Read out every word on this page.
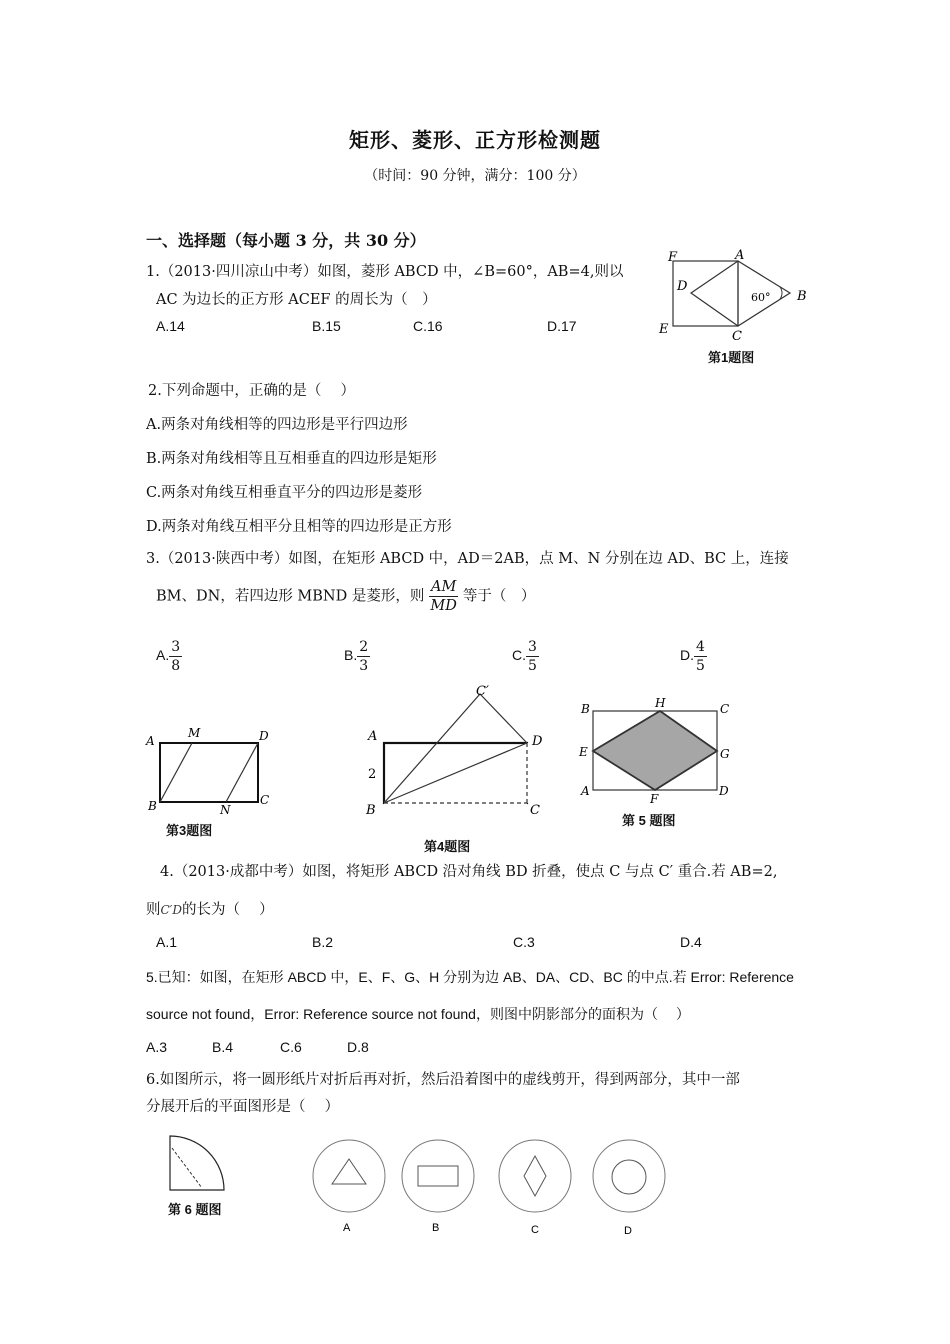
矩形、菱形、正方形检测题
（时间：90 分钟，满分：100 分）
一、选择题（每小题 3 分，共 30 分）
1.（2013·四川凉山中考）如图，菱形 ABCD 中，∠B=60°，AB=4,则以
AC 为边长的正方形 ACEF 的周长为（　）
A.14	B.15	C.16	D.17
F	A
D
B
E	C
60°
第1题图
2.下列命题中，正确的是（　 ）
A.两条对角线相等的四边形是平行四边形
B.两条对角线相等且互相垂直的四边形是矩形
C.两条对角线互相垂直平分的四边形是菱形
D.两条对角线互相平分且相等的四边形是正方形
3.（2013·陕西中考）如图，在矩形 ABCD 中，AD＝2AB，点 M、N 分别在边 AD、BC 上，连接
BM、DN，若四边形 MBND 是菱形，则 $\frac{AM}{MD}$ 等于（　）
A. $\frac{3}{8}$	B. $\frac{2}{3}$	C. $\frac{3}{5}$	D. $\frac{4}{5}$
A
M	D
B	N
C
第3题图
C′
A	D
2
B	C
第4题图
B	H	C
E	G
A
F
D
第 5 题图
4.（2013·成都中考）如图，将矩形 ABCD 沿对角线 BD 折叠，使点 C 与点 C′ 重合.若 AB=2,
则C′D的长为（　 ）
A.1	B.2	C.3	D.4
5.已知：如图，在矩形 ABCD 中，E、F、G、H 分别为边 AB、DA、CD、BC 的中点.若 Error: Reference
source not found，Error: Reference source not found，则图中阴影部分的面积为（　 ）
A.3	B.4	C.6	D.8
6.如图所示，将一圆形纸片对折后再对折，然后沿着图中的虚线剪开，得到两部分，其中一部
分展开后的平面图形是（　 ）
第 6 题图
A	B	C	D
